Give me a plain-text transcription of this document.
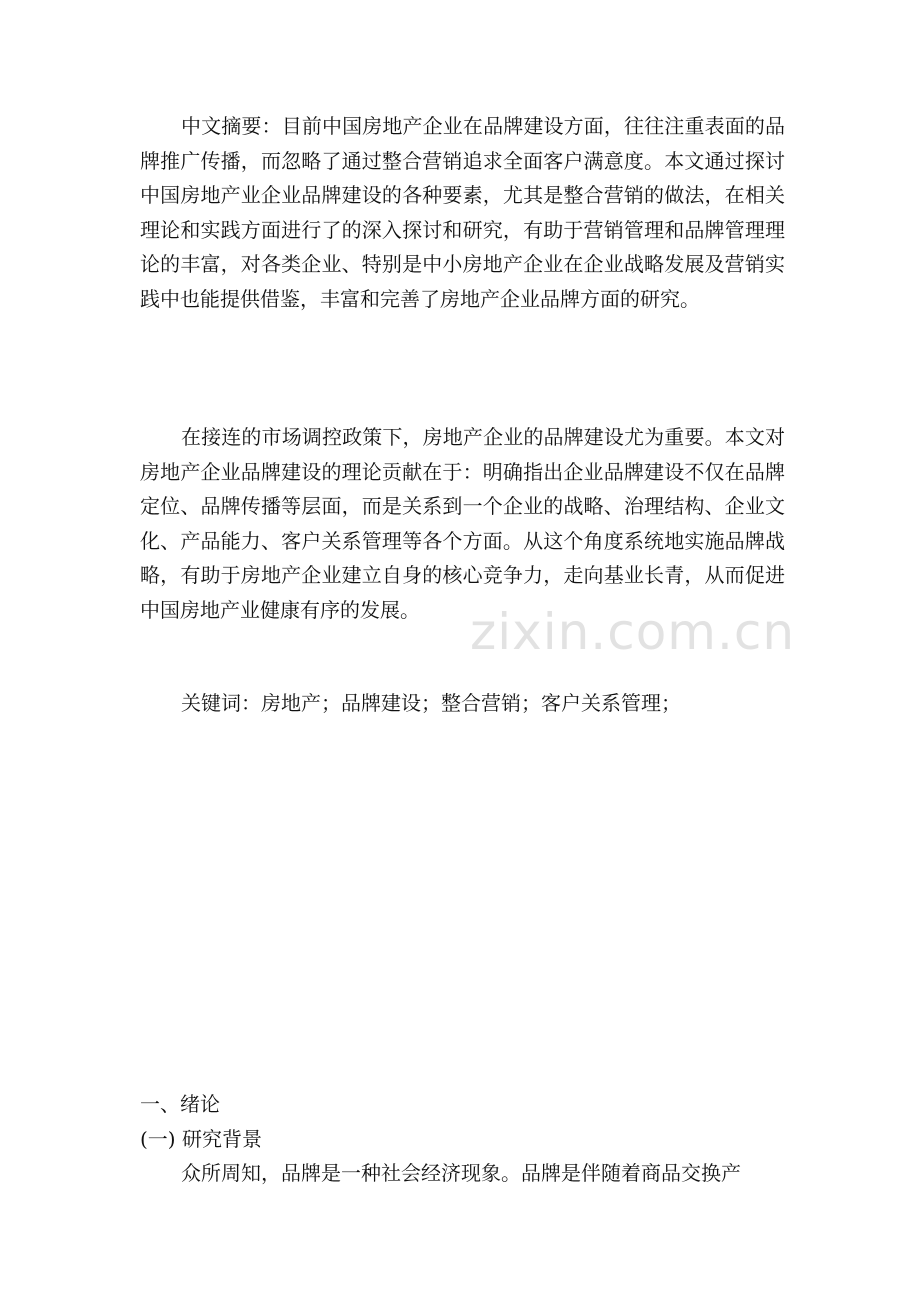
中文摘要：目前中国房地产企业在品牌建设方面，往往注重表面的品牌推广传播，而忽略了通过整合营销追求全面客户满意度。本文通过探讨中国房地产业企业品牌建设的各种要素，尤其是整合营销的做法，在相关理论和实践方面进行了的深入探讨和研究，有助于营销管理和品牌管理理论的丰富，对各类企业、特别是中小房地产企业在企业战略发展及营销实践中也能提供借鉴，丰富和完善了房地产企业品牌方面的研究。

在接连的市场调控政策下，房地产企业的品牌建设尤为重要。本文对房地产企业品牌建设的理论贡献在于：明确指出企业品牌建设不仅在品牌定位、品牌传播等层面，而是关系到一个企业的战略、治理结构、企业文化、产品能力、客户关系管理等各个方面。从这个角度系统地实施品牌战略，有助于房地产企业建立自身的核心竞争力，走向基业长青，从而促进中国房地产业健康有序的发展。

关键词：房地产；品牌建设；整合营销；客户关系管理；

一、绪论

(一) 研究背景

众所周知，品牌是一种社会经济现象。品牌是伴随着商品交换产

zixin.com.cn
